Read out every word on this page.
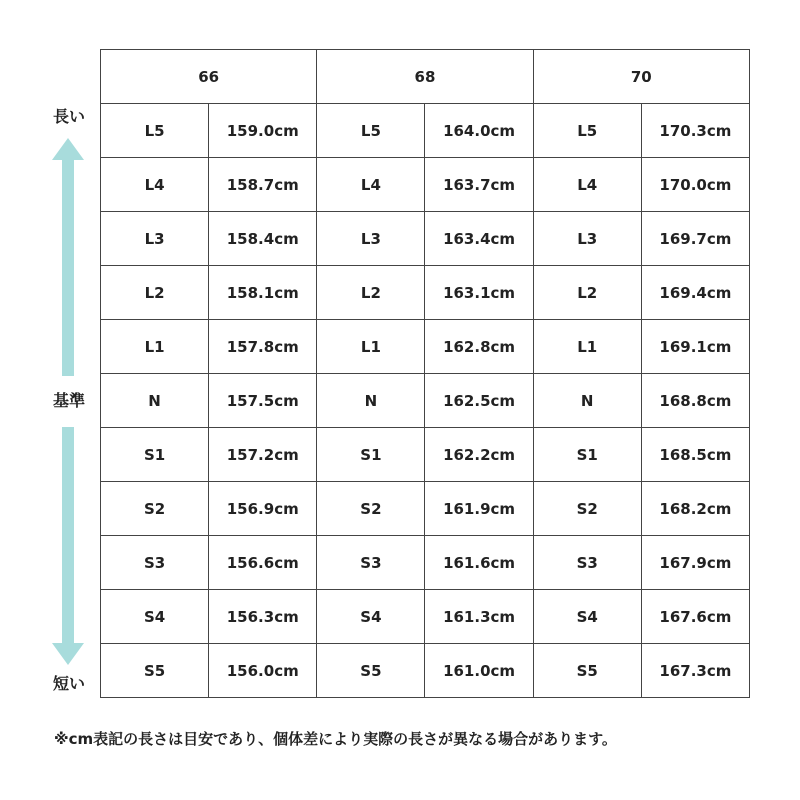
長い
基準
短い
66		68		70	
L5	159.0cm	L5	164.0cm	L5	170.3cm
L4	158.7cm	L4	163.7cm	L4	170.0cm
L3	158.4cm	L3	163.4cm	L3	169.7cm
L2	158.1cm	L2	163.1cm	L2	169.4cm
L1	157.8cm	L1	162.8cm	L1	169.1cm
N	157.5cm	N	162.5cm	N	168.8cm
S1	157.2cm	S1	162.2cm	S1	168.5cm
S2	156.9cm	S2	161.9cm	S2	168.2cm
S3	156.6cm	S3	161.6cm	S3	167.9cm
S4	156.3cm	S4	161.3cm	S4	167.6cm
S5	156.0cm	S5	161.0cm	S5	167.3cm
※cm表記の長さは目安であり、個体差により実際の長さが異なる場合があります。
